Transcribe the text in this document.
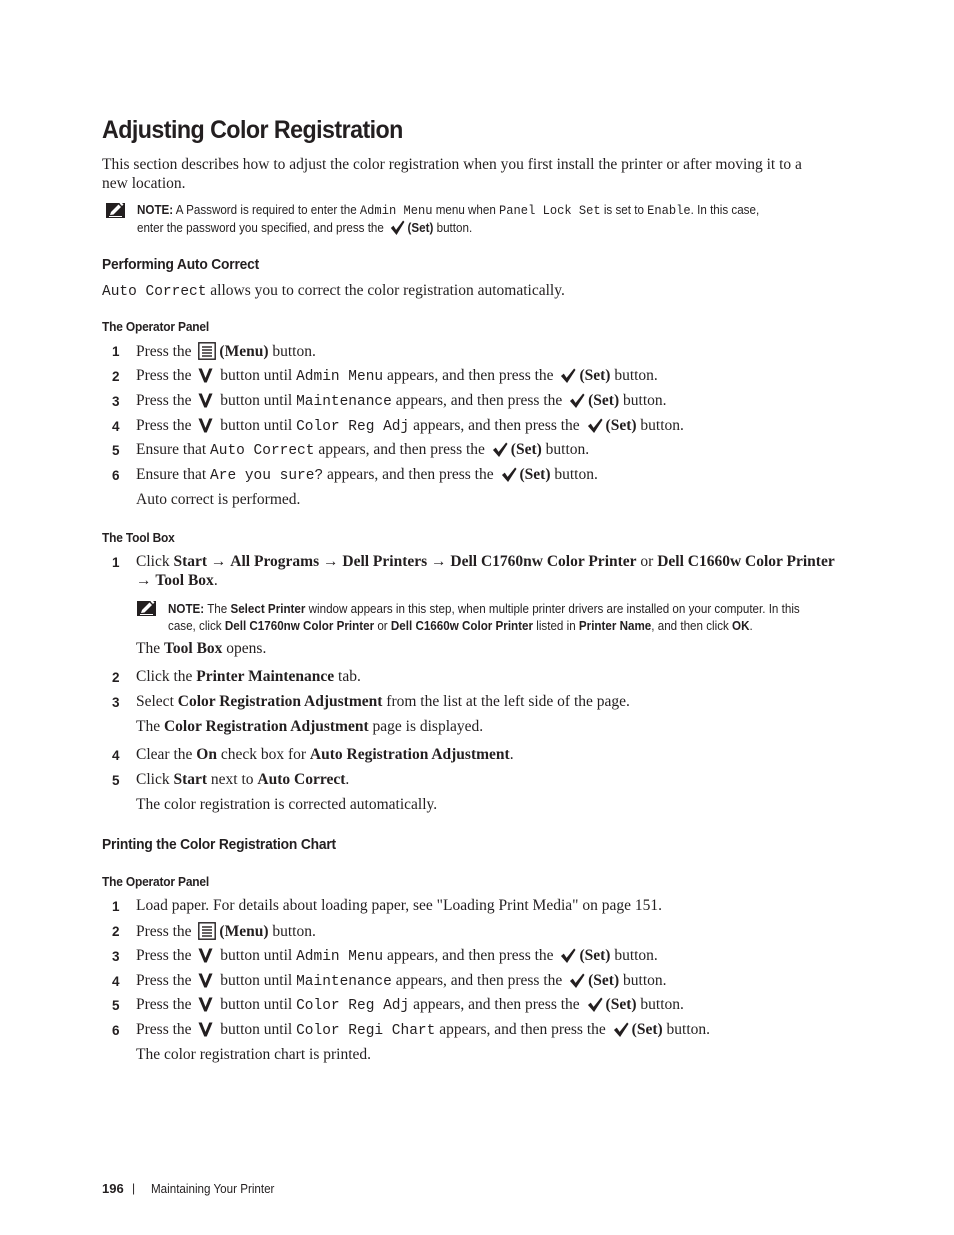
Adjusting Color Registration
This section describes how to adjust the color registration when you first install the printer or after moving it to a
new location.
NOTE: A Password is required to enter the Admin Menu menu when Panel Lock Set is set to Enable. In this case,
enter the password you specified, and press the (Set) button.
Performing Auto Correct
Auto Correct allows you to correct the color registration automatically.
The Operator Panel
1 Press the (Menu) button.
2 Press the  button until Admin Menu appears, and then press the (Set) button.
3 Press the  button until Maintenance appears, and then press the (Set) button.
4 Press the  button until Color Reg Adj appears, and then press the (Set) button.
5 Ensure that Auto Correct appears, and then press the (Set) button.
6 Ensure that Are you sure? appears, and then press the (Set) button.
Auto correct is performed.
The Tool Box
1 Click Start → All Programs → Dell Printers → Dell C1760nw Color Printer or Dell C1660w Color Printer
→ Tool Box.
NOTE: The Select Printer window appears in this step, when multiple printer drivers are installed on your computer. In this
case, click Dell C1760nw Color Printer or Dell C1660w Color Printer listed in Printer Name, and then click OK.
The Tool Box opens.
2 Click the Printer Maintenance tab.
3 Select Color Registration Adjustment from the list at the left side of the page.
The Color Registration Adjustment page is displayed.
4 Clear the On check box for Auto Registration Adjustment.
5 Click Start next to Auto Correct.
The color registration is corrected automatically.
Printing the Color Registration Chart
The Operator Panel
1 Load paper. For details about loading paper, see "Loading Print Media" on page 151.
2 Press the (Menu) button.
3 Press the  button until Admin Menu appears, and then press the (Set) button.
4 Press the  button until Maintenance appears, and then press the (Set) button.
5 Press the  button until Color Reg Adj appears, and then press the (Set) button.
6 Press the  button until Color Regi Chart appears, and then press the (Set) button.
The color registration chart is printed.
196 | Maintaining Your Printer
